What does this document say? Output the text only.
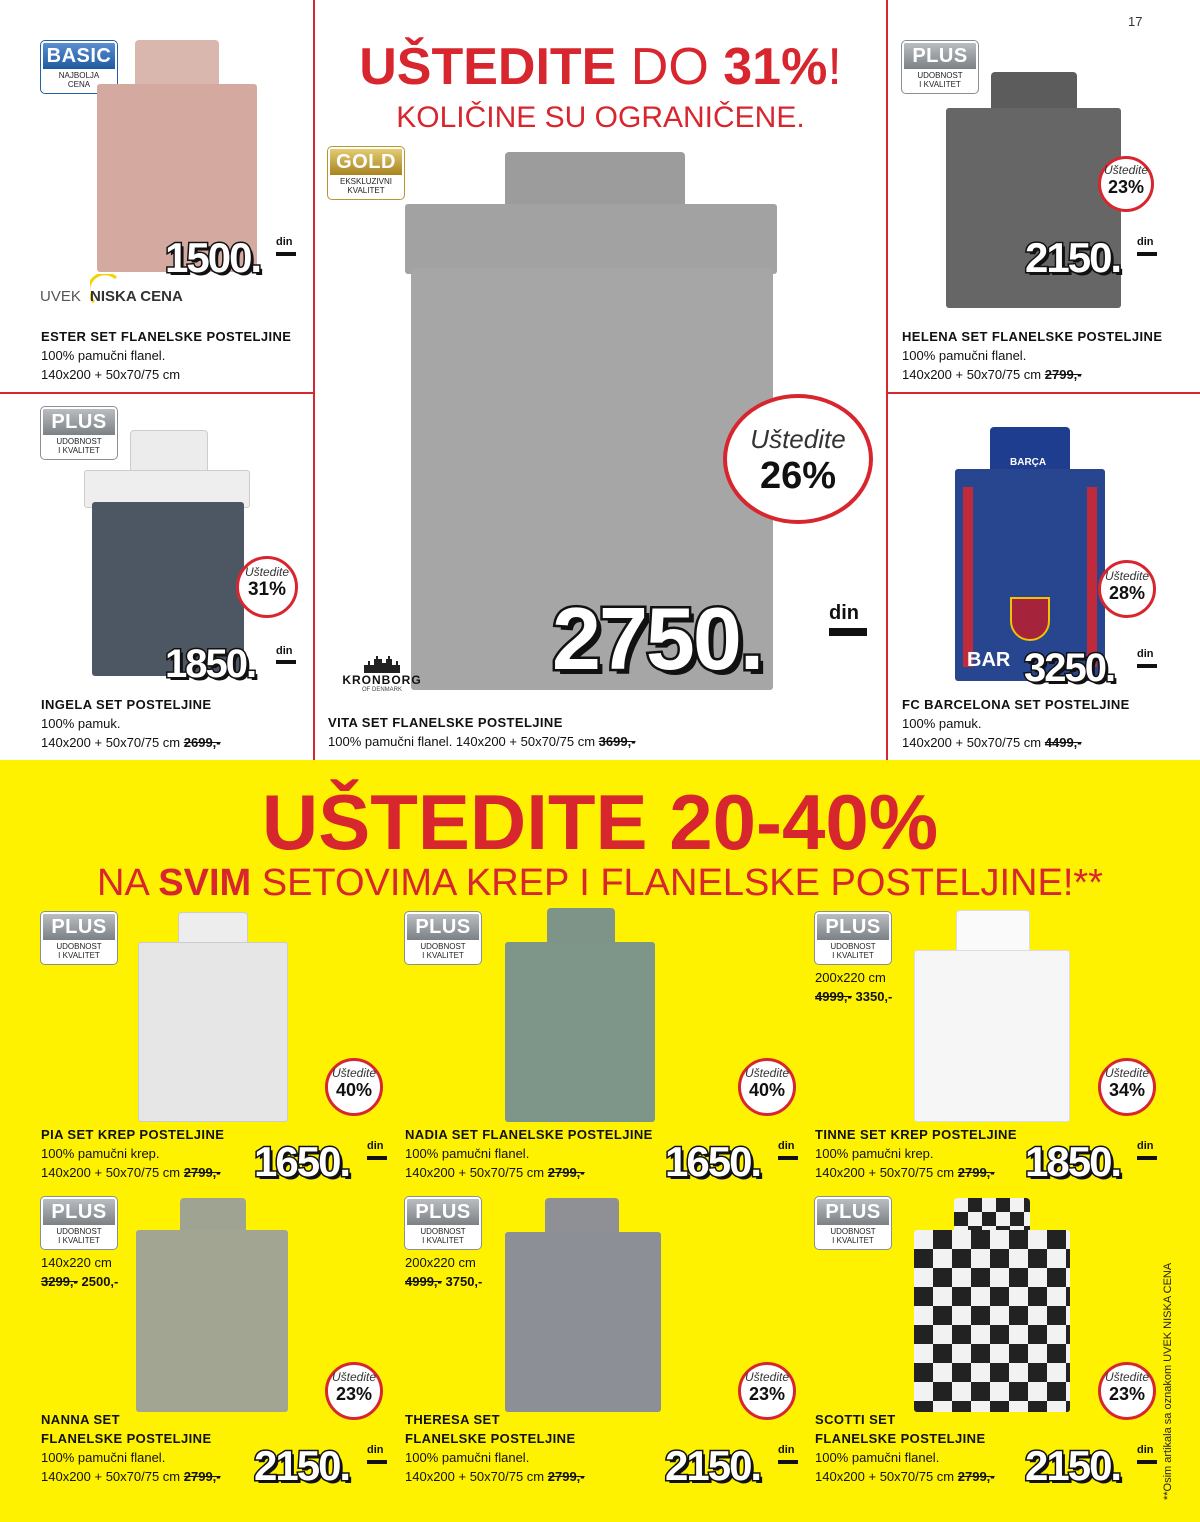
17
UŠTEDITE DO 31%!
KOLIČINE SU OGRANIČENE.
BASIC
NAJBOLJA
CENA
1500. din
UVEK NISKA CENA
ESTER SET FLANELSKE POSTELJINE
100% pamučni flanel.
140x200 + 50x70/75 cm
PLUS
UDOBNOST
I KVALITET
Uštedite
23%
2150. din
HELENA SET FLANELSKE POSTELJINE
100% pamučni flanel.
140x200 + 50x70/75 cm 2799,-
PLUS
UDOBNOST
I KVALITET
Uštedite
31%
1850. din
INGELA SET POSTELJINE
100% pamuk.
140x200 + 50x70/75 cm 2699,-
GOLD
EKSKLUZIVNI
KVALITET
Uštedite
26%
2750.	din
KRONBORG
OF DENMARK
VITA SET FLANELSKE POSTELJINE
100% pamučni flanel. 140x200 + 50x70/75 cm 3699,-
BARÇA
BAR
Uštedite
28%
3250. din
FC BARCELONA SET POSTELJINE
100% pamuk.
140x200 + 50x70/75 cm 4499,-
UŠTEDITE 20-40%
NA SVIM SETOVIMA KREP I FLANELSKE POSTELJINE!**
PLUS
UDOBNOST
I KVALITET
Uštedite
40%
1650. din
PIA SET KREP POSTELJINE
100% pamučni krep.
140x200 + 50x70/75 cm 2799,-
PLUS
UDOBNOST
I KVALITET
Uštedite
40%
1650. din
NADIA SET FLANELSKE POSTELJINE
100% pamučni flanel.
140x200 + 50x70/75 cm 2799,-
PLUS
UDOBNOST
I KVALITET
200x220 cm
4999,- 3350,-
Uštedite
34%
1850. din
TINNE SET KREP POSTELJINE
100% pamučni krep.
140x200 + 50x70/75 cm 2799,-
PLUS
UDOBNOST
I KVALITET
140x220 cm
3299,- 2500,-
Uštedite
23%
2150. din
NANNA SET
FLANELSKE POSTELJINE
100% pamučni flanel.
140x200 + 50x70/75 cm 2799,-
PLUS
UDOBNOST
I KVALITET
200x220 cm
4999,- 3750,-
Uštedite
23%
2150. din
THERESA SET
FLANELSKE POSTELJINE
100% pamučni flanel.
140x200 + 50x70/75 cm 2799,-
PLUS
UDOBNOST
I KVALITET
Uštedite
23%
2150. din
SCOTTI SET
FLANELSKE POSTELJINE
100% pamučni flanel.
140x200 + 50x70/75 cm 2799,-	**Osim artikala sa oznakom UVEK NISKA CENA
